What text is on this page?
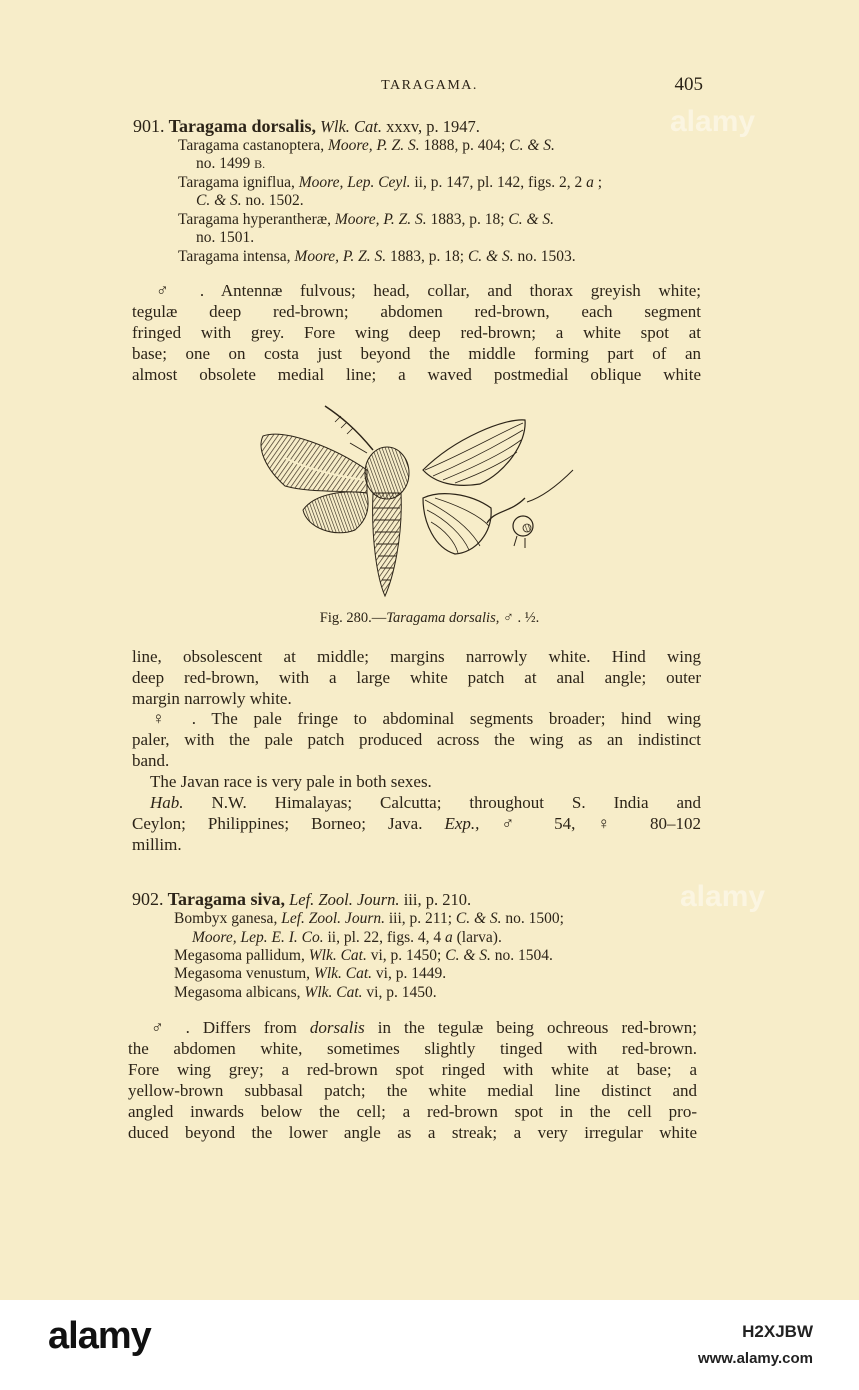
TARAGAMA.	405
901. Taragama dorsalis, Wlk. Cat. xxxv, p. 1947.
Taragama castanoptera, Moore, P. Z. S. 1888, p. 404; C. & S.
no. 1499 B.
Taragama igniflua, Moore, Lep. Ceyl. ii, p. 147, pl. 142, figs. 2, 2 a ;
C. & S. no. 1502.
Taragama hyperantheræ, Moore, P. Z. S. 1883, p. 18; C. & S.
no. 1501.
Taragama intensa, Moore, P. Z. S. 1883, p. 18; C. & S. no. 1503.
♂ . Antennæ fulvous; head, collar, and thorax greyish white;
tegulæ deep red-brown; abdomen red-brown, each segment
fringed with grey. Fore wing deep red-brown; a white spot at
base; one on costa just beyond the middle forming part of an
almost obsolete medial line; a waved postmedial oblique white
Fig. 280.—Taragama dorsalis, ♂ . ½.
line, obsolescent at middle; margins narrowly white. Hind wing
deep red-brown, with a large white patch at anal angle; outer
margin narrowly white.
♀ . The pale fringe to abdominal segments broader; hind wing
paler, with the pale patch produced across the wing as an indistinct
band.
The Javan race is very pale in both sexes.
Hab. N.W. Himalayas; Calcutta; throughout S. India and
Ceylon; Philippines; Borneo; Java. Exp., ♂ 54, ♀ 80–102
millim.
902. Taragama siva, Lef. Zool. Journ. iii, p. 210.
Bombyx ganesa, Lef. Zool. Journ. iii, p. 211; C. & S. no. 1500;
Moore, Lep. E. I. Co. ii, pl. 22, figs. 4, 4 a (larva).
Megasoma pallidum, Wlk. Cat. vi, p. 1450; C. & S. no. 1504.
Megasoma venustum, Wlk. Cat. vi, p. 1449.
Megasoma albicans, Wlk. Cat. vi, p. 1450.
♂ . Differs from dorsalis in the tegulæ being ochreous red-brown;
the abdomen white, sometimes slightly tinged with red-brown.
Fore wing grey; a red-brown spot ringed with white at base; a
yellow-brown subbasal patch; the white medial line distinct and
angled inwards below the cell; a red-brown spot in the cell pro-
duced beyond the lower angle as a streak; a very irregular white
alamy
alamy
alamy	H2XJBW
www.alamy.com
